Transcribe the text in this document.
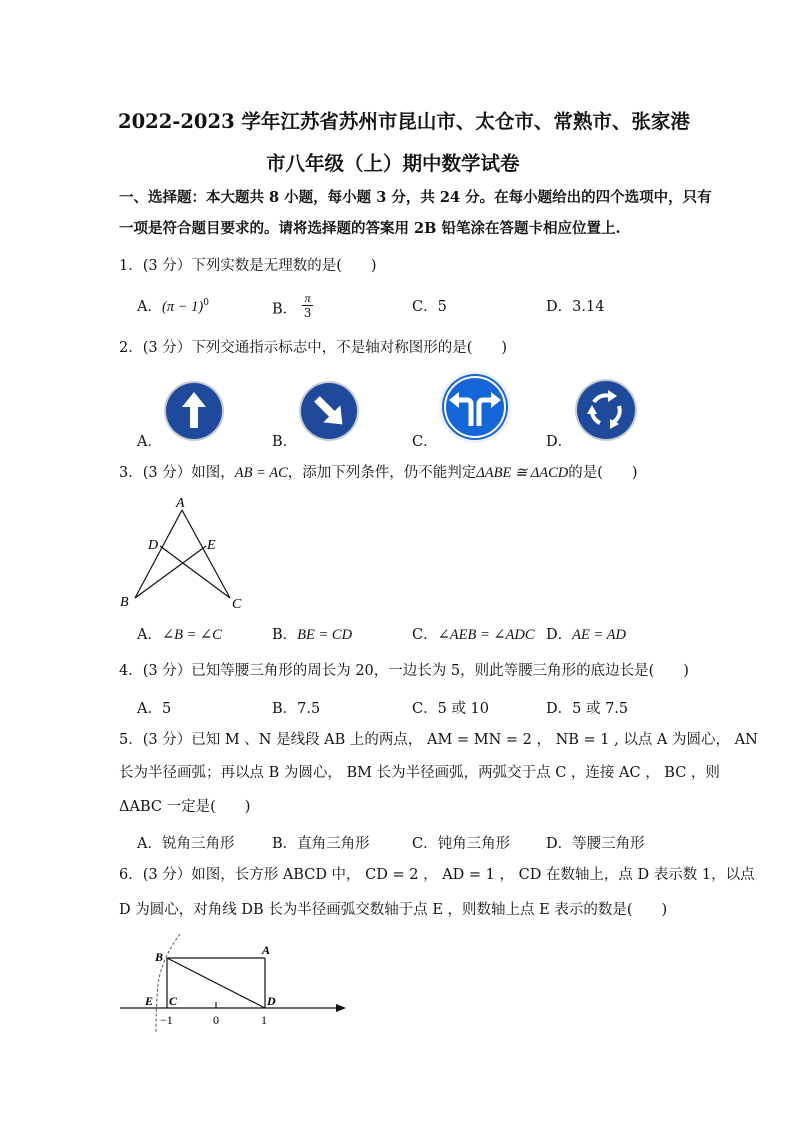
2022-2023 学年江苏省苏州市昆山市、太仓市、常熟市、张家港
市八年级（上）期中数学试卷
一、选择题：本大题共 8 小题，每小题 3 分，共 24 分。在每小题给出的四个选项中，只有
一项是符合题目要求的。请将选择题的答案用 2B 铅笔涂在答题卡相应位置上.
1．(3 分）下列实数是无理数的是(　　)
A．$(\pi - 1)^0$	B． $\frac{\pi}{3}$	C．5	D．3.14
2．(3 分）下列交通指示标志中，不是轴对称图形的是(　　)
A．	B．	C．	D．
3．(3 分）如图，AB = AC，添加下列条件，仍不能判定ΔABE ≅ ΔACD的是(　　)
A
D	E
B	C
A．∠B = ∠C	B．BE = CD	C．∠AEB = ∠ADC D．AE = AD
4．(3 分）已知等腰三角形的周长为 20，一边长为 5，则此等腰三角形的底边长是(　　)
A．5	B．7.5	C．5 或 10	D．5 或 7.5
5．(3 分）已知 M 、N 是线段 AB 上的两点， AM = MN = 2 ， NB = 1 , 以点 A 为圆心， AN
长为半径画弧；再以点 B 为圆心， BM 长为半径画弧，两弧交于点 C ，连接 AC ， BC ，则
ΔABC 一定是(　　)
A．锐角三角形	B．直角三角形	C．钝角三角形 D．等腰三角形
6．(3 分）如图，长方形 ABCD 中， CD = 2 ， AD = 1 ， CD 在数轴上，点 D 表示数 1，以点
D 为圆心，对角线 DB 长为半径画弧交数轴于点 E ，则数轴上点 E 表示的数是(　　)
B	A
E C	D
−1	0	1
